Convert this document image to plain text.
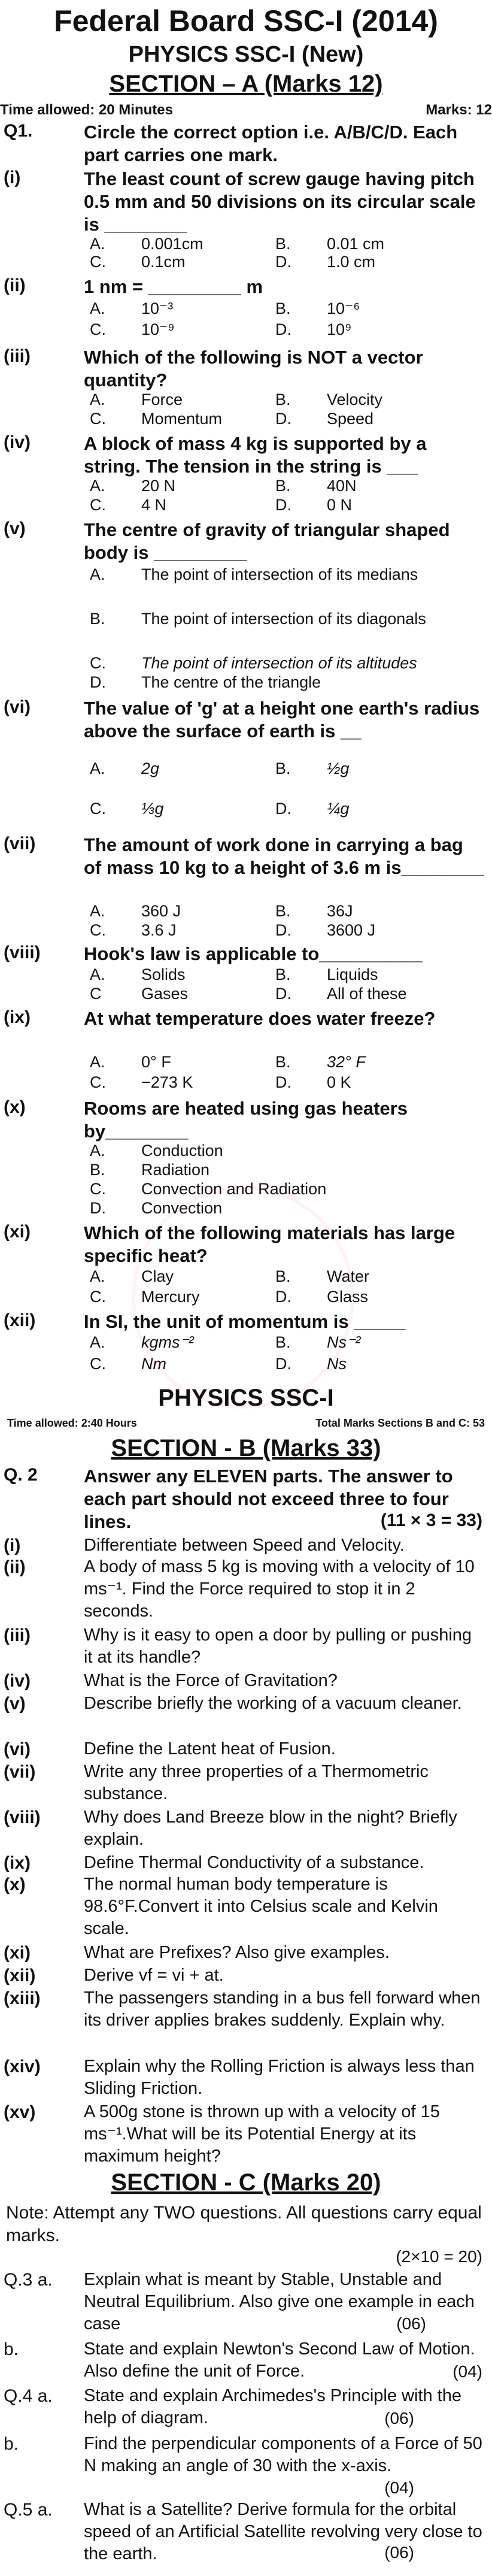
Federal Board SSC-I (2014)
PHYSICS SSC-I (New)
SECTION – A (Marks 12)
Time allowed: 20 Minutes	Marks: 12
Q1.	Circle the correct option i.e. A/B/C/D. Each part carries one mark.
(i)	The least count of screw gauge having pitch 0.5 mm and 50 divisions on its circular scale is ________
A. 0.001cm	B. 0.01 cm
C. 0.1cm	D. 1.0 cm
(ii)	1 nm = _________ m
A. 10⁻³	B. 10⁻⁶
C. 10⁻⁹	D. 10⁹
(iii)	Which of the following is NOT a vector quantity?
A. Force	B. Velocity
C. Momentum	D. Speed
(iv)	A block of mass 4 kg is supported by a string. The tension in the string is ___
A. 20 N	B. 40N
C. 4 N	D. 0 N
(v)	The centre of gravity of triangular shaped body is _________
A. The point of intersection of its medians
B. The point of intersection of its diagonals
C. The point of intersection of its altitudes
D. The centre of the triangle
(vi)	The value of 'g' at a height one earth's radius above the surface of earth is __
A. 2g	B. ½g
C. ⅓g	D. ¼g
(vii)	The amount of work done in carrying a bag of mass 10 kg to a height of 3.6 m is________
A. 360 J	B. 36J
C. 3.6 J	D. 3600 J
(viii) Hook's law is applicable to__________
A. Solids	B. Liquids
C Gases	D. All of these
(ix)	At what temperature does water freeze?
A. 0° F	B. 32° F
C. −273 K	D. 0 K
(x)	Rooms are heated using gas heaters by________
A. Conduction
B. Radiation
C. Convection and Radiation
D. Convection
(xi)	Which of the following materials has large specific heat?
A. Clay	B. Water
C. Mercury	D. Glass
(xii)	In SI, the unit of momentum is _____
A. kgms⁻²	B. Ns⁻²
C. Nm	D. Ns
PHYSICS SSC-I
Time allowed: 2:40 Hours	Total Marks Sections B and C: 53
SECTION - B (Marks 33)
Q. 2 Answer any ELEVEN parts. The answer to each part should not exceed three to four lines.	(11 × 3 = 33)
(i)	Differentiate between Speed and Velocity.
(ii)	A body of mass 5 kg is moving with a velocity of 10 ms⁻¹. Find the Force required to stop it in 2 seconds.
(iii)	Why is it easy to open a door by pulling or pushing it at its handle?
(iv)	What is the Force of Gravitation?
(v)	Describe briefly the working of a vacuum cleaner.
(vi)	Define the Latent heat of Fusion.
(vii)	Write any three properties of a Thermometric substance.
(viii) Why does Land Breeze blow in the night? Briefly explain.
(ix)	Define Thermal Conductivity of a substance.
(x)	The normal human body temperature is 98.6°F.Convert it into Celsius scale and Kelvin scale.
(xi)	What are Prefixes? Also give examples.
(xii)	Derive vf = vi + at.
(xiii) The passengers standing in a bus fell forward when its driver applies brakes suddenly. Explain why.
(xiv) Explain why the Rolling Friction is always less than Sliding Friction.
(xv)	A 500g stone is thrown up with a velocity of 15 ms⁻¹.What will be its Potential Energy at its maximum height?
SECTION - C (Marks 20)
Note: Attempt any TWO questions. All questions carry equal marks.
(2×10 = 20)
Q.3 a. Explain what is meant by Stable, Unstable and Neutral Equilibrium. Also give one example in each case	(06)
b.	State and explain Newton's Second Law of Motion. Also define the unit of Force.	(04)
Q.4 a. State and explain Archimedes's Principle with the help of diagram.	(06)
b.	Find the perpendicular components of a Force of 50 N making an angle of 30 with the x-axis.
(04)
Q.5 a. What is a Satellite? Derive formula for the orbital speed of an Artificial Satellite revolving very close to the earth.	(06)
